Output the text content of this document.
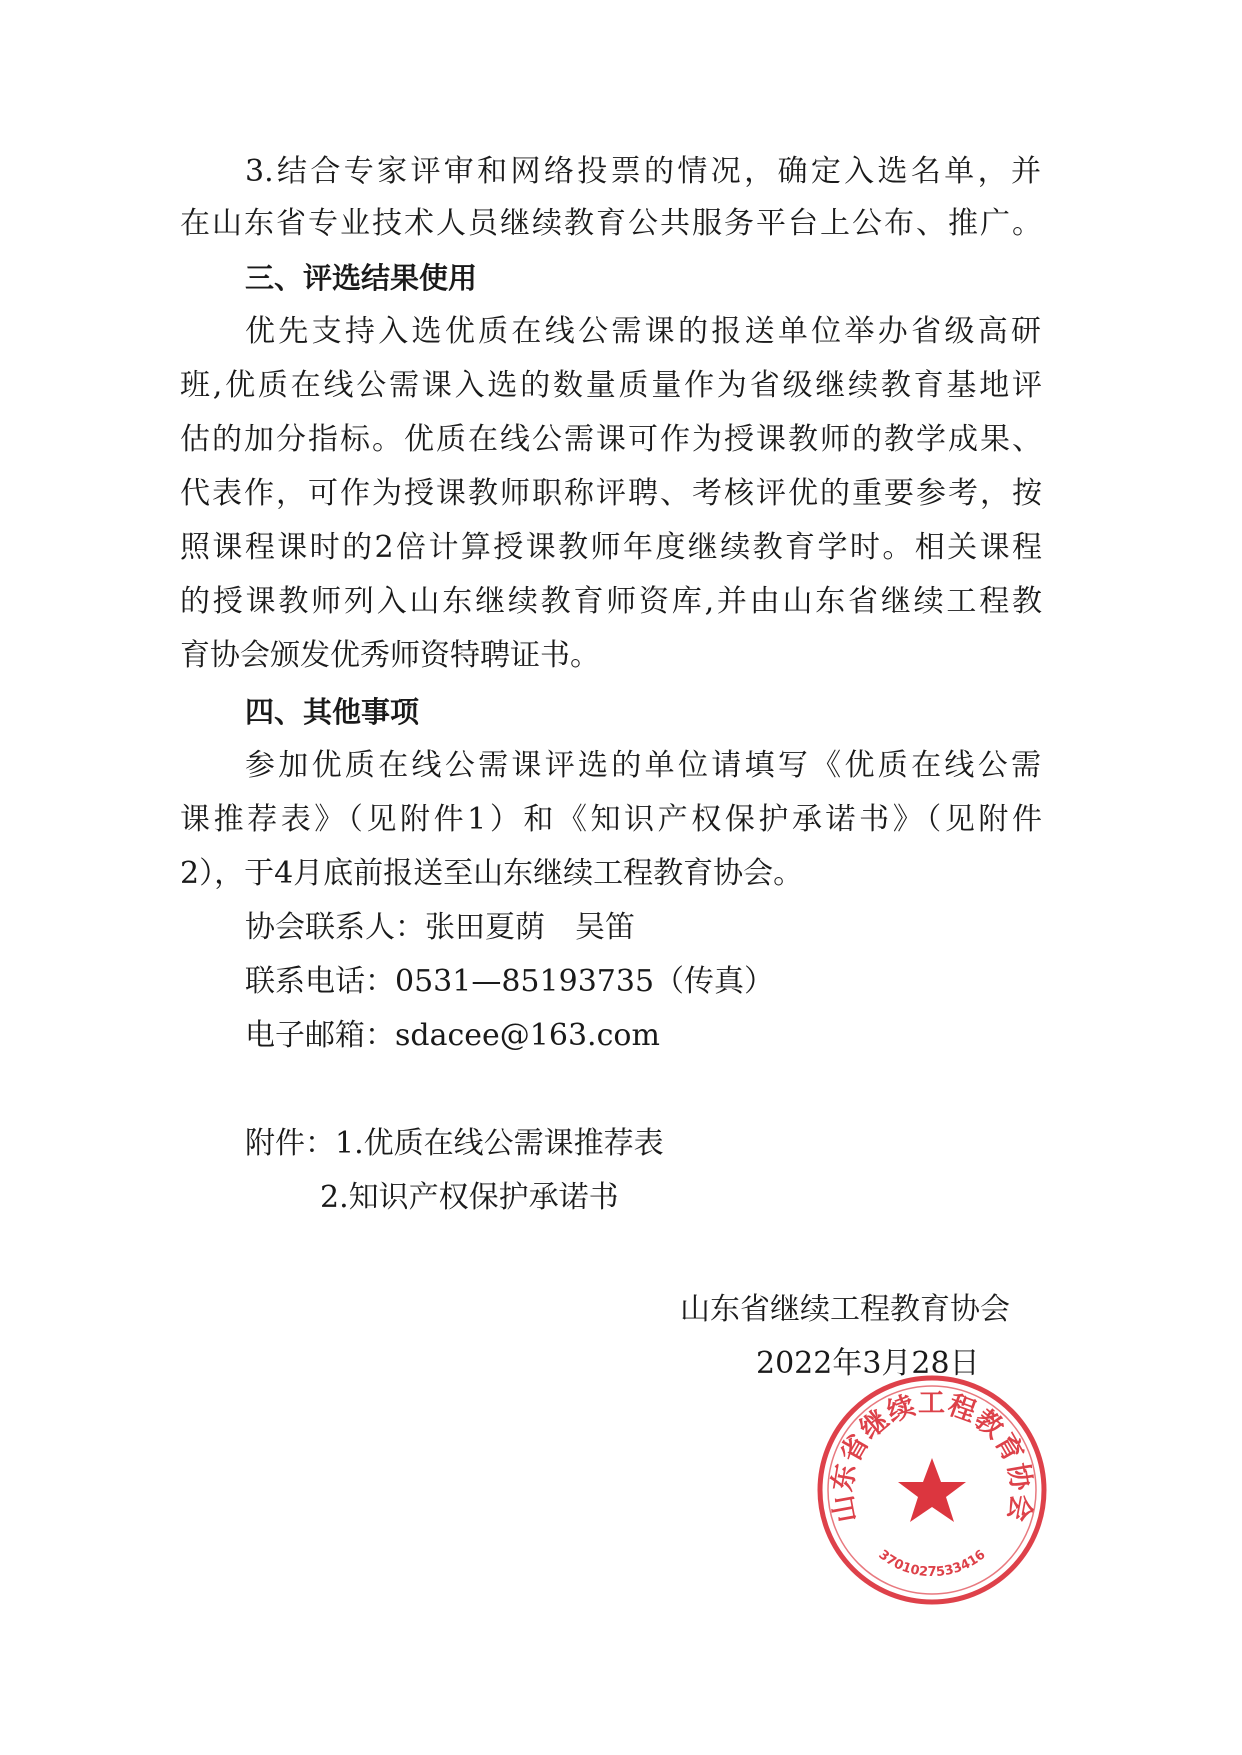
3.结合专家评审和网络投票的情况，确定入选名单，并
在山东省专业技术人员继续教育公共服务平台上公布、推广。
三、评选结果使用
优先支持入选优质在线公需课的报送单位举办省级高研
班,优质在线公需课入选的数量质量作为省级继续教育基地评
估的加分指标。优质在线公需课可作为授课教师的教学成果、
代表作，可作为授课教师职称评聘、考核评优的重要参考，按
照课程课时的2倍计算授课教师年度继续教育学时。相关课程
的授课教师列入山东继续教育师资库,并由山东省继续工程教
育协会颁发优秀师资特聘证书。
四、其他事项
参加优质在线公需课评选的单位请填写《优质在线公需
课推荐表》（见附件1）和《知识产权保护承诺书》（见附件
2），于4月底前报送至山东继续工程教育协会。
协会联系人：张田夏荫　吴笛
联系电话：0531—85193735（传真）
电子邮箱：sdacee@163.com
附件：1.优质在线公需课推荐表
2.知识产权保护承诺书
山东省继续工程教育协会
3701027533416
山东省继续工程教育协会
2022年3月28日
